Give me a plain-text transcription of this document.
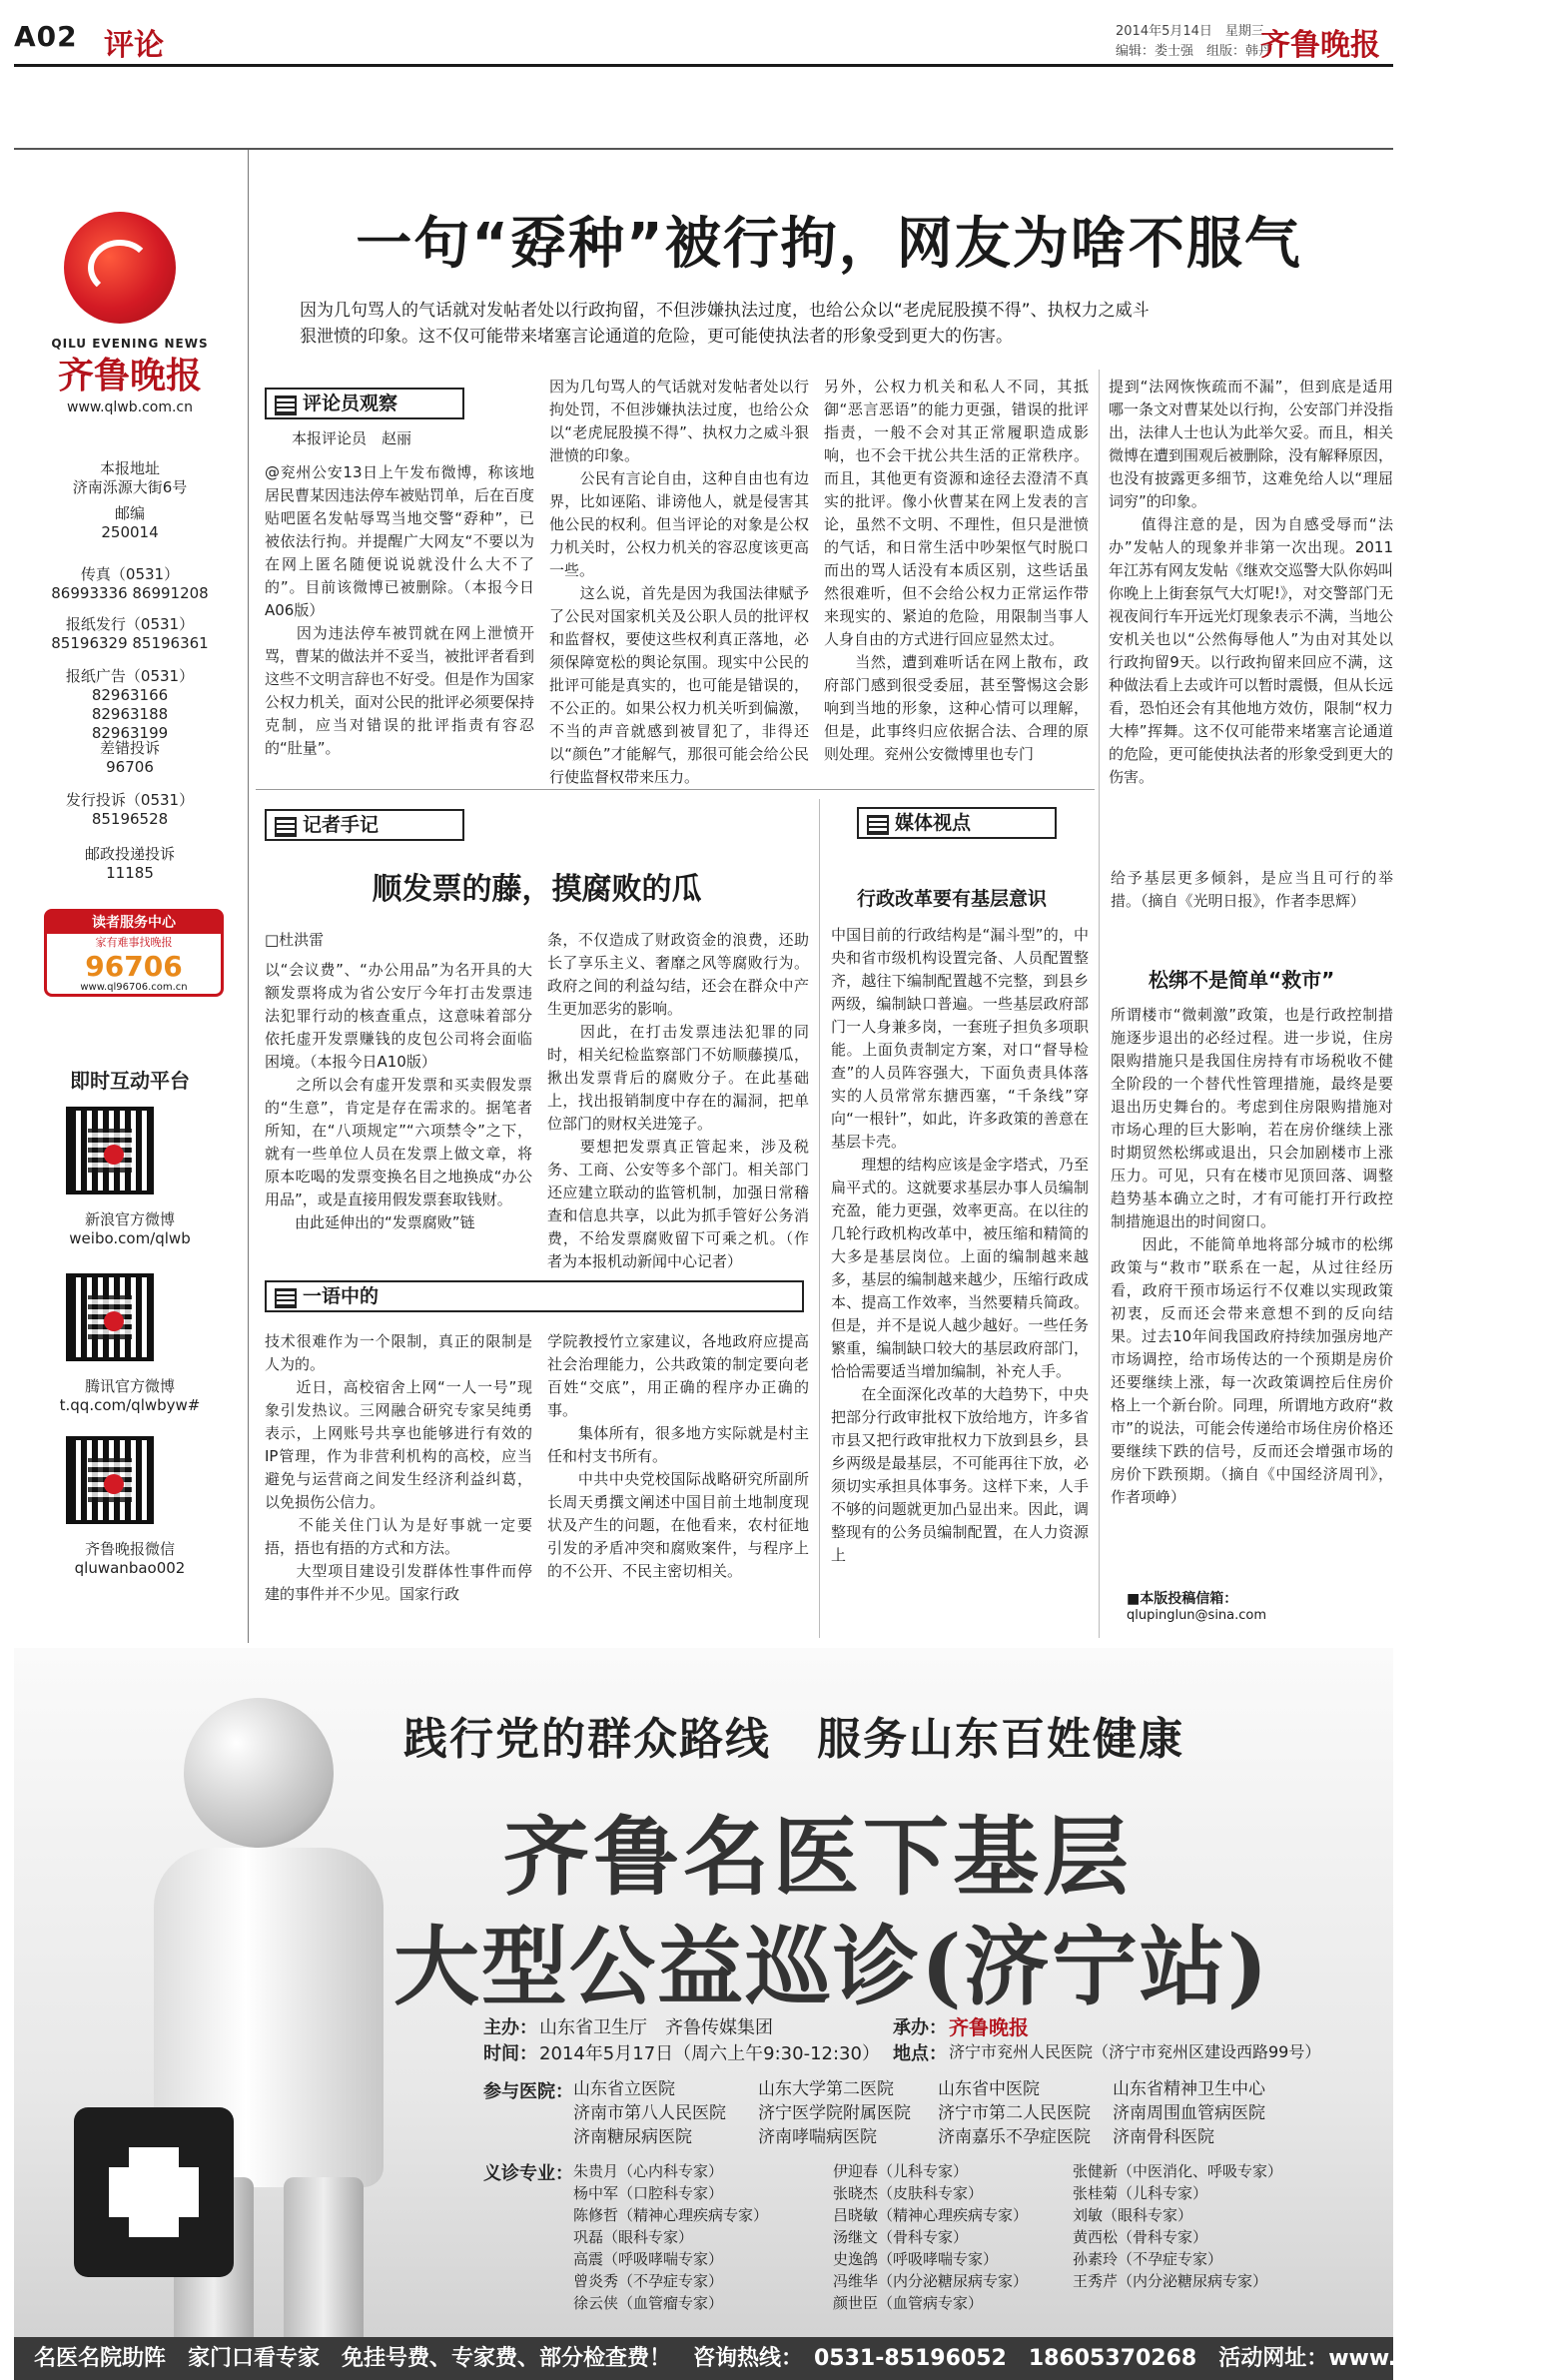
A02 评论	2014年5月14日　星期三
编辑：娄士强　组版：韩丹
齐鲁晚报
QILU EVENING NEWS
齐鲁晚报
www.qlwb.com.cn
本报地址
济南泺源大街6号
邮编
250014
传真（0531）
86993336 86991208
报纸发行（0531）
85196329 85196361
报纸广告（0531）
82963166 82963188 82963199
差错投诉
96706
发行投诉（0531）
85196528
邮政投递投诉
11185
读者服务中心
家有难事找晚报
96706
www.ql96706.com.cn
即时互动平台
新浪官方微博
weibo.com/qlwb
腾讯官方微博
t.qq.com/qlwbyw#
齐鲁晚报微信
qluwanbao002
一句“孬种”被行拘，网友为啥不服气
因为几句骂人的气话就对发帖者处以行政拘留，不但涉嫌执法过度，也给公众以“老虎屁股摸不得”、执权力之威斗狠泄愤的印象。这不仅可能带来堵塞言论通道的危险，更可能使执法者的形象受到更大的伤害。
评论员观察
本报评论员　赵丽
@兖州公安13日上午发布微博，称该地居民曹某因违法停车被贴罚单，后在百度贴吧匿名发帖辱骂当地交警“孬种”，已被依法行拘。并提醒广大网友“不要以为在网上匿名随便说说就没什么大不了的”。目前该微博已被删除。（本报今日A06版）
　　因为违法停车被罚就在网上泄愤开骂，曹某的做法并不妥当，被批评者看到这些不文明言辞也不好受。但是作为国家公权力机关，面对公民的批评必须要保持克制，应当对错误的批评指责有容忍的“肚量”。
因为几句骂人的气话就对发帖者处以行拘处罚，不但涉嫌执法过度，也给公众以“老虎屁股摸不得”、执权力之威斗狠泄愤的印象。
　　公民有言论自由，这种自由也有边界，比如诬陷、诽谤他人，就是侵害其他公民的权利。但当评论的对象是公权力机关时，公权力机关的容忍度该更高一些。
　　这么说，首先是因为我国法律赋予了公民对国家机关及公职人员的批评权和监督权，要使这些权利真正落地，必须保障宽松的舆论氛围。现实中公民的批评可能是真实的，也可能是错误的，不公正的。如果公权力机关听到偏激，不当的声音就感到被冒犯了，非得还以“颜色”才能解气，那很可能会给公民行使监督权带来压力。
另外，公权力机关和私人不同，其抵御“恶言恶语”的能力更强，错误的批评指责，一般不会对其正常履职造成影响，也不会干扰公共生活的正常秩序。而且，其他更有资源和途径去澄清不真实的批评。像小伙曹某在网上发表的言论，虽然不文明、不理性，但只是泄愤的气话，和日常生活中吵架怄气时脱口而出的骂人话没有本质区别，这些话虽然很难听，但不会给公权力正常运作带来现实的、紧迫的危险，用限制当事人人身自由的方式进行回应显然太过。
　　当然，遭到难听话在网上散布，政府部门感到很受委屈，甚至警惕这会影响到当地的形象，这种心情可以理解，但是，此事终归应依据合法、合理的原则处理。兖州公安微博里也专门
提到“法网恢恢疏而不漏”，但到底是适用哪一条文对曹某处以行拘，公安部门并没指出，法律人士也认为此举欠妥。而且，相关微博在遭到围观后被删除，没有解释原因，也没有披露更多细节，这难免给人以“理屈词穷”的印象。
　　值得注意的是，因为自感受辱而“法办”发帖人的现象并非第一次出现。2011年江苏有网友发帖《继欢交巡警大队你妈叫你晚上上街套氛气大灯呢!》，对交警部门无视夜间行车开远光灯现象表示不满，当地公安机关也以“公然侮辱他人”为由对其处以行政拘留9天。以行政拘留来回应不满，这种做法看上去或许可以暂时震慑，但从长远看，恐怕还会有其他地方效仿，限制“权力大棒”挥舞。这不仅可能带来堵塞言论通道的危险，更可能使执法者的形象受到更大的伤害。
记者手记
顺发票的藤，摸腐败的瓜
□杜洪雷
以“会议费”、“办公用品”为名开具的大额发票将成为省公安厅今年打击发票违法犯罪行动的核查重点，这意味着部分依托虚开发票赚钱的皮包公司将会面临困境。（本报今日A10版）
　　之所以会有虚开发票和买卖假发票的“生意”，肯定是存在需求的。据笔者所知，在“八项规定”“六项禁令”之下，就有一些单位人员在发票上做文章，将原本吃喝的发票变换名目之地换成“办公用品”，或是直接用假发票套取钱财。
　　由此延伸出的“发票腐败”链
条，不仅造成了财政资金的浪费，还助长了享乐主义、奢靡之风等腐败行为。政府之间的利益勾结，还会在群众中产生更加恶劣的影响。
　　因此，在打击发票违法犯罪的同时，相关纪检监察部门不妨顺藤摸瓜，揪出发票背后的腐败分子。在此基础上，找出报销制度中存在的漏洞，把单位部门的财权关进笼子。
　　要想把发票真正管起来，涉及税务、工商、公安等多个部门。相关部门还应建立联动的监管机制，加强日常稽查和信息共享，以此为抓手管好公务消费，不给发票腐败留下可乘之机。（作者为本报机动新闻中心记者）
一语中的
技术很难作为一个限制，真正的限制是人为的。
　　近日，高校宿舍上网“一人一号”现象引发热议。三网融合研究专家吴纯勇表示，上网账号共享也能够进行有效的IP管理，作为非营利机构的高校，应当避免与运营商之间发生经济利益纠葛，以免损伤公信力。
　　不能关住门认为是好事就一定要捂，捂也有捂的方式和方法。
　　大型项目建设引发群体性事件而停建的事件并不少见。国家行政
学院教授竹立家建议，各地政府应提高社会治理能力，公共政策的制定要向老百姓“交底”，用正确的程序办正确的事。
　　集体所有，很多地方实际就是村主任和村支书所有。
　　中共中央党校国际战略研究所副所长周天勇撰文阐述中国目前土地制度现状及产生的问题，在他看来，农村征地引发的矛盾冲突和腐败案件，与程序上的不公开、不民主密切相关。
媒体视点
行政改革要有基层意识
中国目前的行政结构是“漏斗型”的，中央和省市级机构设置完备、人员配置整齐，越往下编制配置越不完整，到县乡两级，编制缺口普遍。一些基层政府部门一人身兼多岗，一套班子担负多项职能。上面负责制定方案，对口“督导检查”的人员阵容强大，下面负责具体落实的人员常常东搪西塞，“千条线”穿向“一根针”，如此，许多政策的善意在基层卡壳。
　　理想的结构应该是金字塔式，乃至扁平式的。这就要求基层办事人员编制充盈，能力更强，效率更高。在以往的几轮行政机构改革中，被压缩和精简的大多是基层岗位。上面的编制越来越多，基层的编制越来越少，压缩行政成本、提高工作效率，当然要精兵简政。但是，并不是说人越少越好。一些任务繁重，编制缺口较大的基层政府部门，恰恰需要适当增加编制，补充人手。
　　在全面深化改革的大趋势下，中央把部分行政审批权下放给地方，许多省市县又把行政审批权力下放到县乡，县乡两级是最基层，不可能再往下放，必须切实承担具体事务。这样下来，人手不够的问题就更加凸显出来。因此，调整现有的公务员编制配置，在人力资源上
给予基层更多倾斜，是应当且可行的举措。（摘自《光明日报》，作者李思辉）
松绑不是简单“救市”
所谓楼市“微刺激”政策，也是行政控制措施逐步退出的必经过程。进一步说，住房限购措施只是我国住房持有市场税收不健全阶段的一个替代性管理措施，最终是要退出历史舞台的。考虑到住房限购措施对市场心理的巨大影响，若在房价继续上涨时期贸然松绑或退出，只会加剧楼市上涨压力。可见，只有在楼市见顶回落、调整趋势基本确立之时，才有可能打开行政控制措施退出的时间窗口。
　　因此，不能简单地将部分城市的松绑政策与“救市”联系在一起，从过往经历看，政府干预市场运行不仅难以实现政策初衷，反而还会带来意想不到的反向结果。过去10年间我国政府持续加强房地产市场调控，给市场传达的一个预期是房价还要继续上涨，每一次政策调控后住房价格上一个新台阶。同理，所谓地方政府“救市”的说法，可能会传递给市场住房价格还要继续下跌的信号，反而还会增强市场的房价下跌预期。（摘自《中国经济周刊》，作者项峥）
■本版投稿信箱：
qlupinglun@sina.com
践行党的群众路线　服务山东百姓健康
齐鲁名医下基层
大型公益巡诊(济宁站)
主办： 山东省卫生厅　齐鲁传媒集团	承办： 齐鲁晚报
时间： 2014年5月17日（周六上午9:30-12:30） 地点： 济宁市兖州人民医院（济宁市兖州区建设西路99号）
参与医院： 山东省立医院	山东大学第二医院	山东省中医院	山东省精神卫生中心
济南市第八人民医院 济宁医学院附属医院 济宁市第二人民医院 济南周围血管病医院
济南糖尿病医院	济南哮喘病医院	济南嘉乐不孕症医院 济南骨科医院
义诊专业：
名医名院助阵　家门口看专家　免挂号费、专家费、部分检查费！　咨询热线：　0531-85196052　18605370268　活动网址：www.qlwb.com.cn
朱贵月（心内科专家）	伊迎春（儿科专家）	张健新（中医消化、呼吸专家）
杨中军（口腔科专家）	张晓杰（皮肤科专家）	张桂菊（儿科专家）
陈修哲（精神心理疾病专家）	吕晓敏（精神心理疾病专家）	刘敏（眼科专家）
巩磊（眼科专家）	汤继文（骨科专家）	黄西松（骨科专家）
高震（呼吸哮喘专家）	史逸鸽（呼吸哮喘专家）	孙素玲（不孕症专家）
曾炎秀（不孕症专家）	冯维华（内分泌糖尿病专家）	王秀芹（内分泌糖尿病专家）
徐云侠（血管瘤专家）	颜世臣（血管病专家）
